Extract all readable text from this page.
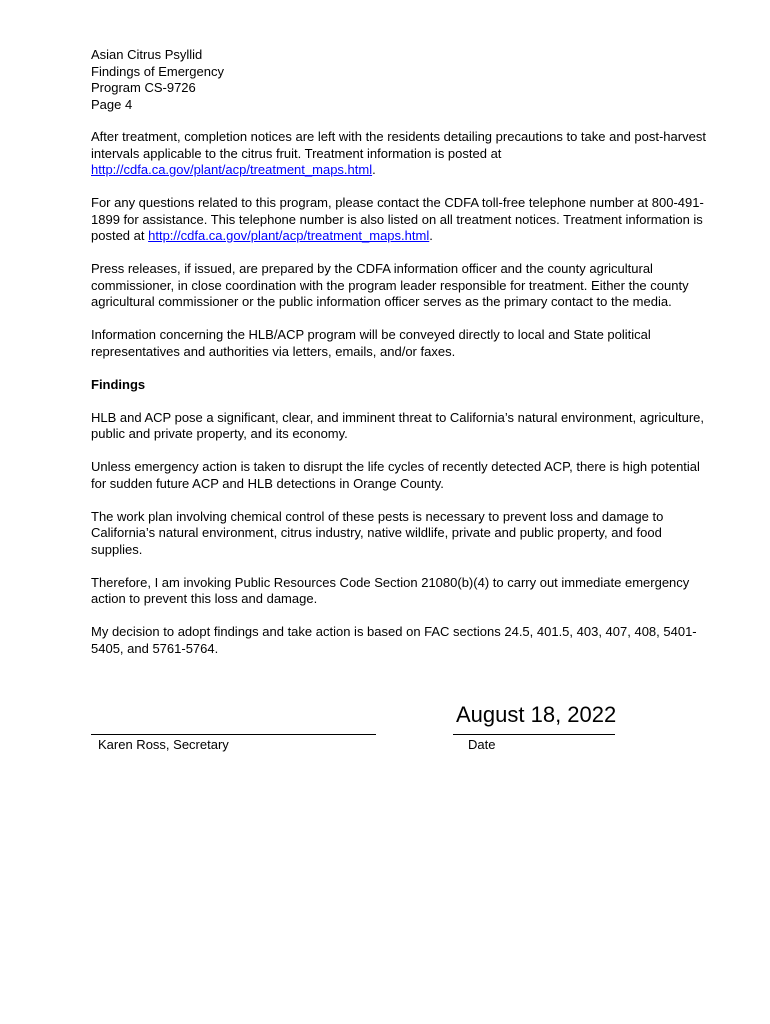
Asian Citrus Psyllid
Findings of Emergency
Program CS-9726
Page 4

After treatment, completion notices are left with the residents detailing precautions to take and post-harvest intervals applicable to the citrus fruit. Treatment information is posted at http://cdfa.ca.gov/plant/acp/treatment_maps.html.

For any questions related to this program, please contact the CDFA toll-free telephone number at 800-491-1899 for assistance. This telephone number is also listed on all treatment notices. Treatment information is posted at http://cdfa.ca.gov/plant/acp/treatment_maps.html.

Press releases, if issued, are prepared by the CDFA information officer and the county agricultural commissioner, in close coordination with the program leader responsible for treatment. Either the county agricultural commissioner or the public information officer serves as the primary contact to the media.

Information concerning the HLB/ACP program will be conveyed directly to local and State political representatives and authorities via letters, emails, and/or faxes.

Findings

HLB and ACP pose a significant, clear, and imminent threat to California’s natural environment, agriculture, public and private property, and its economy.

Unless emergency action is taken to disrupt the life cycles of recently detected ACP, there is high potential for sudden future ACP and HLB detections in Orange County.

The work plan involving chemical control of these pests is necessary to prevent loss and damage to California’s natural environment, citrus industry, native wildlife, private and public property, and food supplies.

Therefore, I am invoking Public Resources Code Section 21080(b)(4) to carry out immediate emergency action to prevent this loss and damage.

My decision to adopt findings and take action is based on FAC sections 24.5, 401.5, 403, 407, 408, 5401-5405, and 5761-5764.

August 18, 2022
Karen Ross, Secretary	Date
